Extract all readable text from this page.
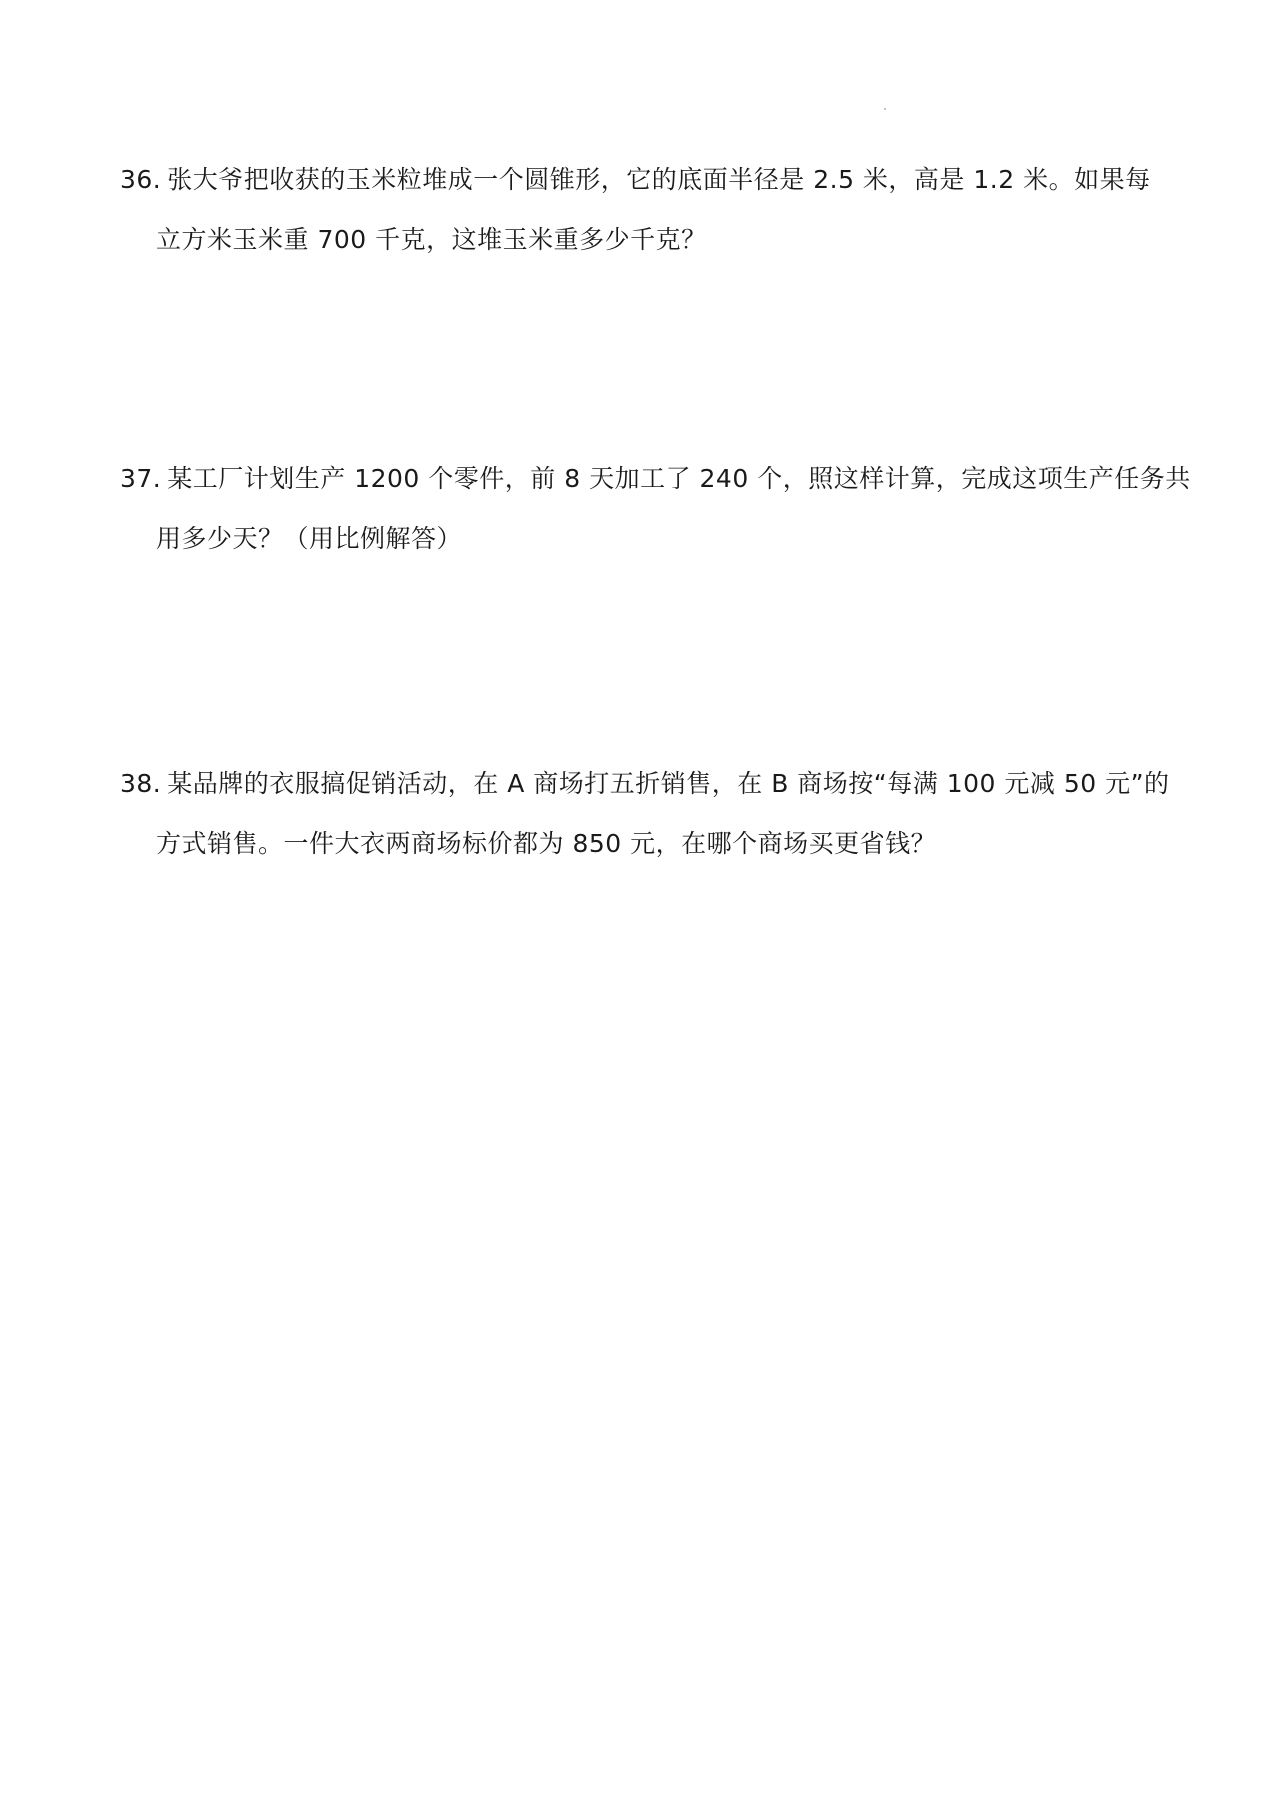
36. 张大爷把收获的玉米粒堆成一个圆锥形，它的底面半径是 2.5 米，高是 1.2 米。如果每
立方米玉米重 700 千克，这堆玉米重多少千克？
37. 某工厂计划生产 1200 个零件，前 8 天加工了 240 个，照这样计算，完成这项生产任务共
用多少天？（用比例解答）
38. 某品牌的衣服搞促销活动，在 A 商场打五折销售，在 B 商场按“每满 100 元减 50 元”的
方式销售。一件大衣两商场标价都为 850 元，在哪个商场买更省钱？
